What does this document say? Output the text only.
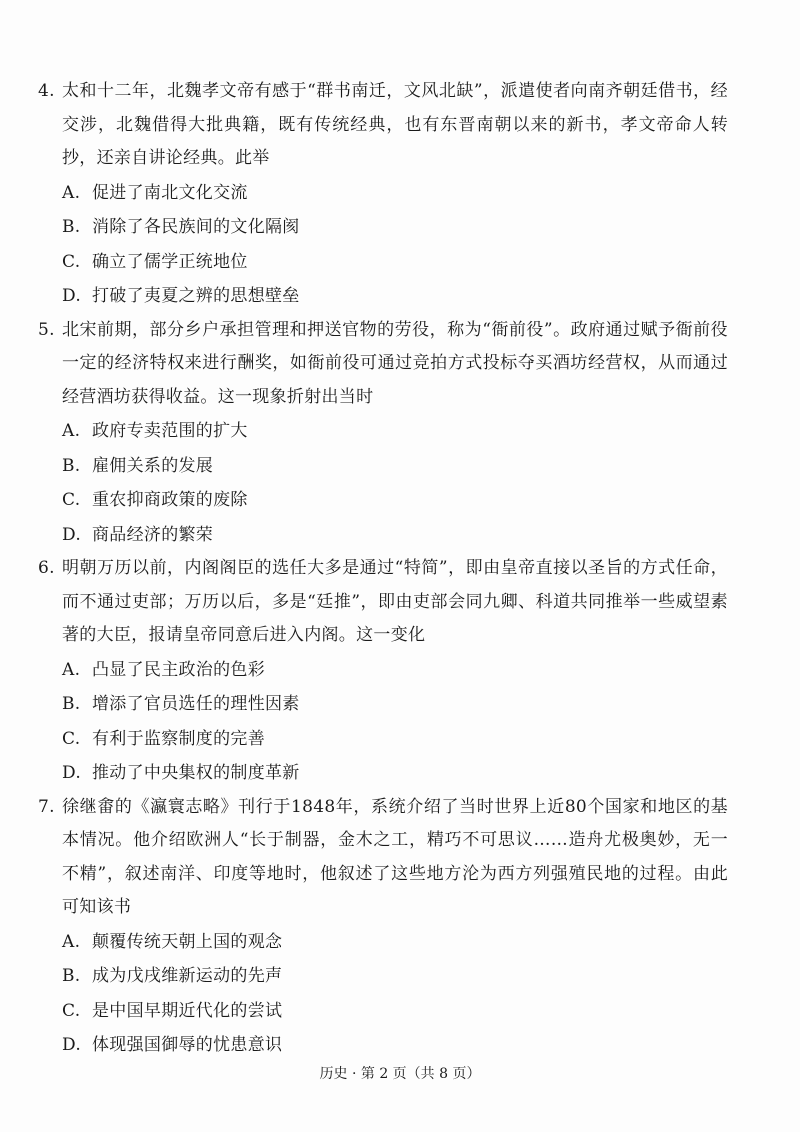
4. 太和十二年，北魏孝文帝有感于“群书南迁，文风北缺”，派遣使者向南齐朝廷借书，经交涉，北魏借得大批典籍，既有传统经典，也有东晋南朝以来的新书，孝文帝命人转抄，还亲自讲论经典。此举
A. 促进了南北文化交流
B. 消除了各民族间的文化隔阂
C. 确立了儒学正统地位
D. 打破了夷夏之辨的思想壁垒
5. 北宋前期，部分乡户承担管理和押送官物的劳役，称为“衙前役”。政府通过赋予衙前役一定的经济特权来进行酬奖，如衙前役可通过竞拍方式投标夺买酒坊经营权，从而通过经营酒坊获得收益。这一现象折射出当时
A. 政府专卖范围的扩大
B. 雇佣关系的发展
C. 重农抑商政策的废除
D. 商品经济的繁荣
6. 明朝万历以前，内阁阁臣的选任大多是通过“特简”，即由皇帝直接以圣旨的方式任命，而不通过吏部；万历以后，多是“廷推”，即由吏部会同九卿、科道共同推举一些威望素著的大臣，报请皇帝同意后进入内阁。这一变化
A. 凸显了民主政治的色彩
B. 增添了官员选任的理性因素
C. 有利于监察制度的完善
D. 推动了中央集权的制度革新
7. 徐继畬的《瀛寰志略》刊行于1848年，系统介绍了当时世界上近80个国家和地区的基本情况。他介绍欧洲人“长于制器，金木之工，精巧不可思议……造舟尤极奥妙，无一不精”，叙述南洋、印度等地时，他叙述了这些地方沦为西方列强殖民地的过程。由此可知该书
A. 颠覆传统天朝上国的观念
B. 成为戊戌维新运动的先声
C. 是中国早期近代化的尝试
D. 体现强国御辱的忧患意识
历史 · 第 2 页（共 8 页）
